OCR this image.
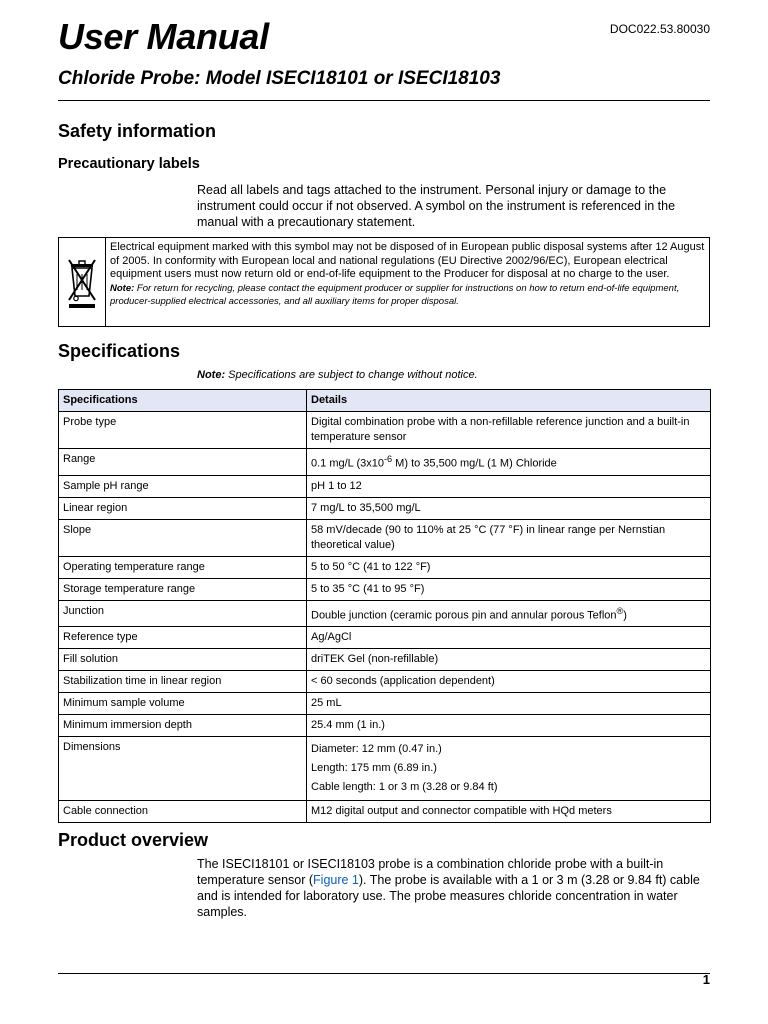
DOC022.53.80030
User Manual
Chloride Probe: Model ISECI18101 or ISECI18103
Safety information
Precautionary labels

Read all labels and tags attached to the instrument. Personal injury or damage to the instrument could occur if not observed. A symbol on the instrument is referenced in the manual with a precautionary statement.

Electrical equipment marked with this symbol may not be disposed of in European public disposal systems after 12 August of 2005. In conformity with European local and national regulations (EU Directive 2002/96/EC), European electrical equipment users must now return old or end-of-life equipment to the Producer for disposal at no charge to the user.
Note: For return for recycling, please contact the equipment producer or supplier for instructions on how to return end-of-life equipment, producer-supplied electrical accessories, and all auxiliary items for proper disposal.
Specifications

Note: Specifications are subject to change without notice.

Specifications	Details
Probe type	Digital combination probe with a non-refillable reference junction and a built-in temperature sensor
Range	0.1 mg/L ($3x10^{-6}$ M) to 35,500 mg/L (1 M) Chloride
Sample pH range	pH 1 to 12
Linear region	7 mg/L to 35,500 mg/L
Slope	58 mV/decade (90 to 110% at 25 °C (77 °F) in linear range per Nernstian theoretical value)
Operating temperature range	5 to 50 °C (41 to 122 °F)
Storage temperature range	5 to 35 °C (41 to 95 °F)
Junction	Double junction (ceramic porous pin and annular porous Teflon®)
Reference type	Ag/AgCl
Fill solution	driTEK Gel (non-refillable)
Stabilization time in linear region	< 60 seconds (application dependent)
Minimum sample volume	25 mL
Minimum immersion depth	25.4 mm (1 in.)
Dimensions	Diameter: 12 mm (0.47 in.)
Length: 175 mm (6.89 in.)
Cable length: 1 or 3 m (3.28 or 9.84 ft)

Cable connection	M12 digital output and connector compatible with HQd meters
Product overview

The ISECI18101 or ISECI18103 probe is a combination chloride probe with a built-in temperature sensor (Figure 1). The probe is available with a 1 or 3 m (3.28 or 9.84 ft) cable and is intended for laboratory use. The probe measures chloride concentration in water samples.

1
